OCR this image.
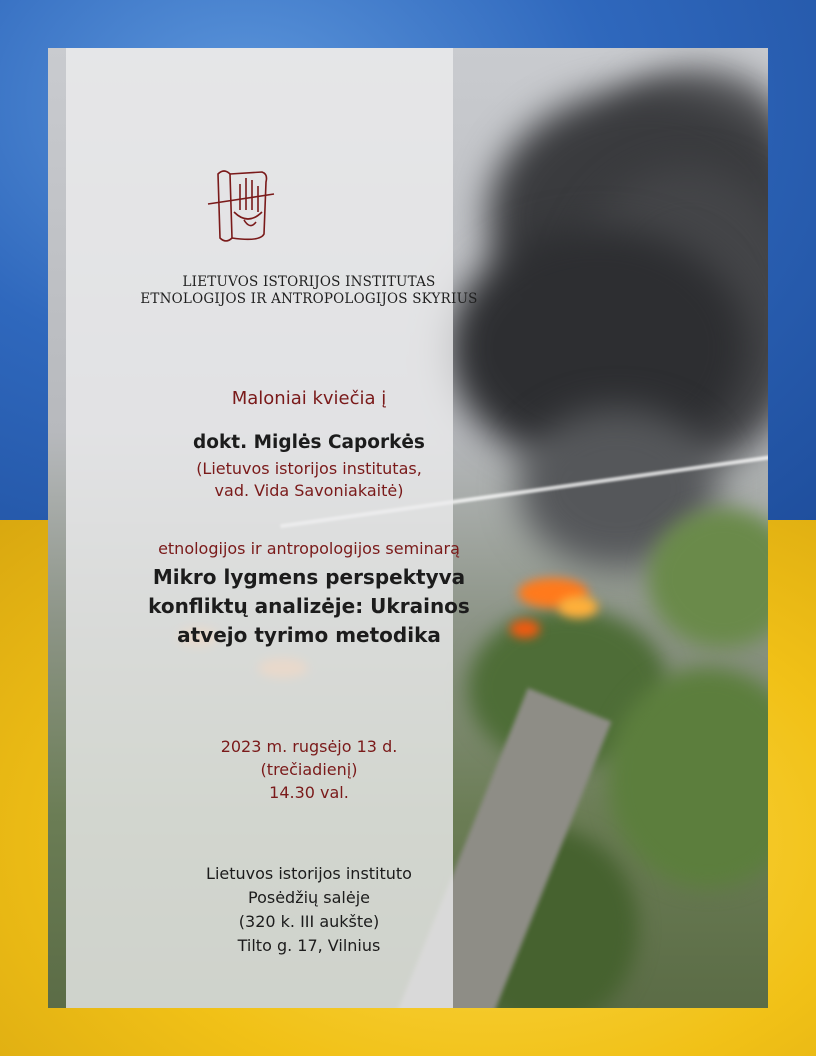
LIETUVOS ISTORIJOS INSTITUTAS
ETNOLOGIJOS IR ANTROPOLOGIJOS SKYRIUS
Maloniai kviečia į
dokt. Miglės Caporkės
(Lietuvos istorijos institutas,
vad. Vida Savoniakaitė)
etnologijos ir antropologijos seminarą
Mikro lygmens perspektyva
konfliktų analizėje: Ukrainos
atvejo tyrimo metodika
2023 m. rugsėjo 13 d.
(trečiadienį)
14.30 val.
Lietuvos istorijos instituto
Posėdžių salėje
(320 k. III aukšte)
Tilto g. 17, Vilnius
